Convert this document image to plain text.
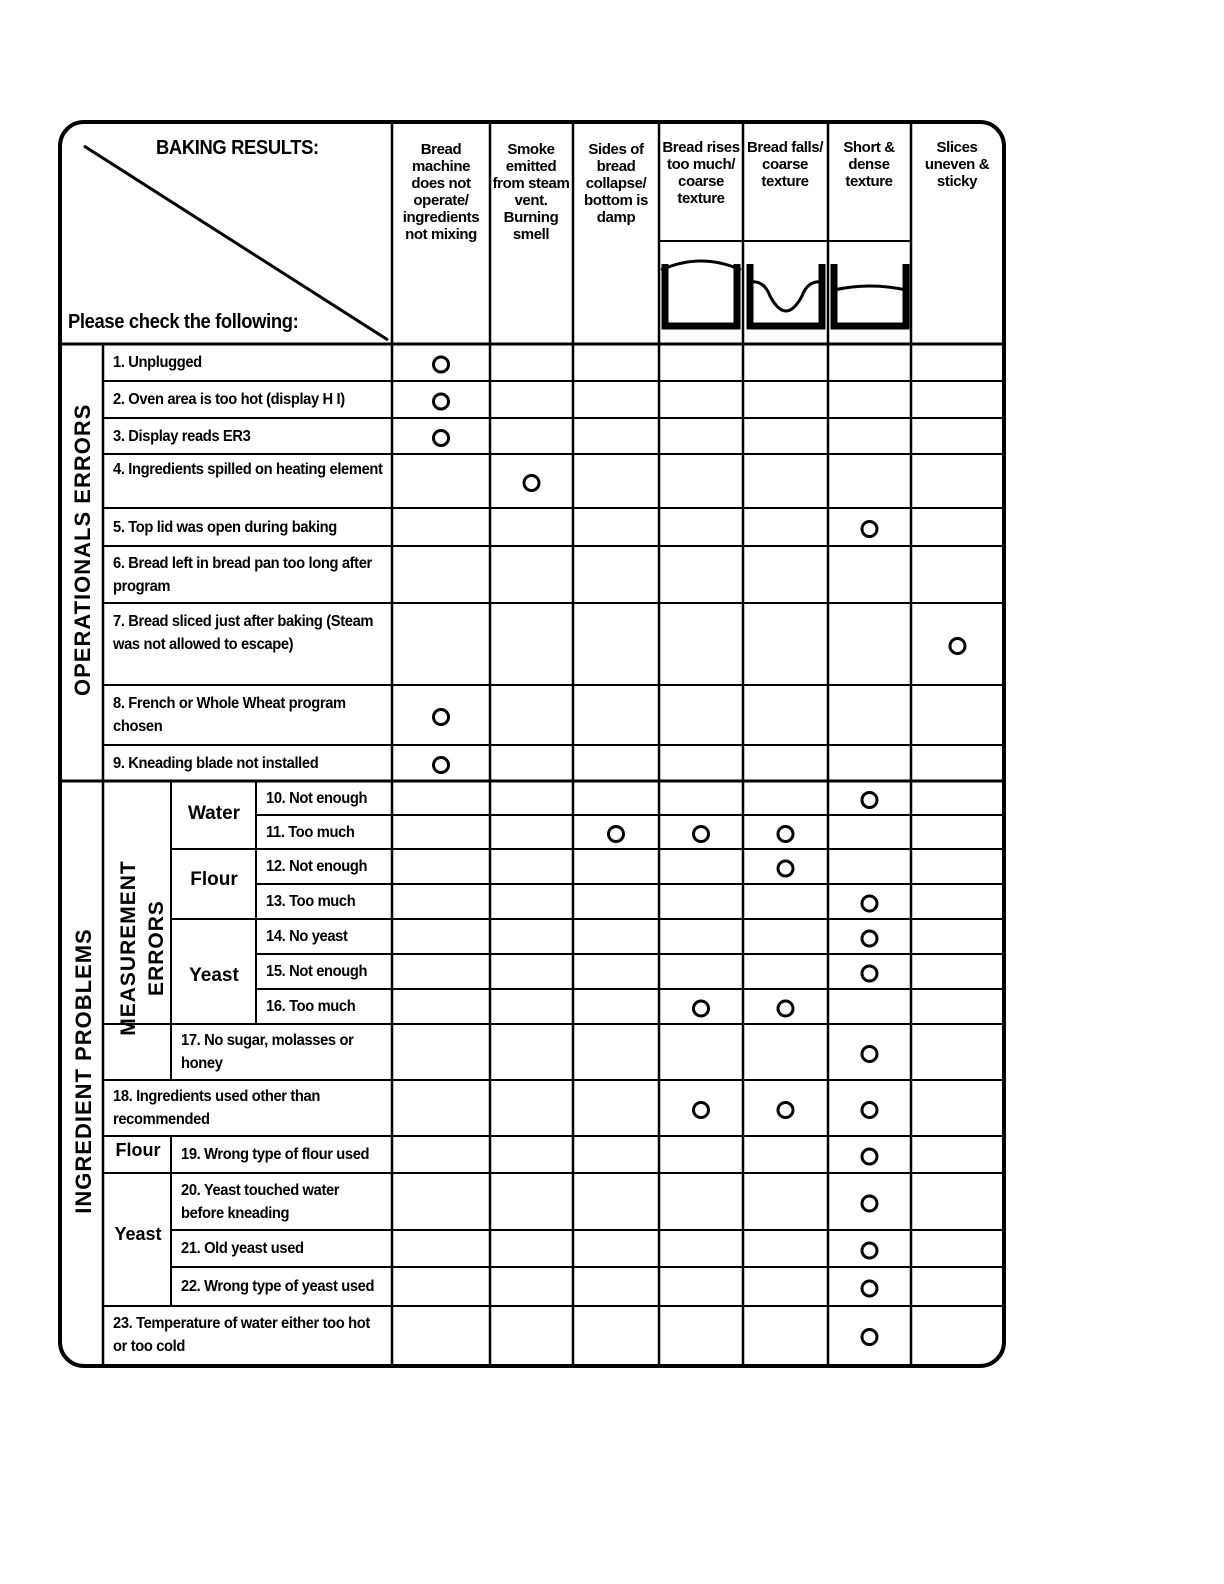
BAKING RESULTS:
Please check the following:
Bread machine does not operate/ ingredients not mixing
Smoke emitted from steam vent. Burning smell
Sides of bread collapse/ bottom is damp
Bread rises too much/ coarse texture
Bread falls/ coarse texture
Short & dense texture
Slices uneven & sticky
OPERATIONALS ERRORS
INGREDIENT PROBLEMS MEASUREMENT ERRORS
Water
Flour
Yeast
Flour
Yeast
1. Unplugged
2. Oven area is too hot (display H I)
3. Display reads ER3
4. Ingredients spilled on heating element
5. Top lid was open during baking
6. Bread left in bread pan too long after program
7. Bread sliced just after baking (Steam was not allowed to escape)
8. French or Whole Wheat program chosen
9. Kneading blade not installed
10. Not enough
11. Too much
12. Not enough
13. Too much
14. No yeast
15. Not enough
16. Too much
17. No sugar, molasses or honey
18. Ingredients used other than recommended
19. Wrong type of flour used
20. Yeast touched water before kneading
21. Old yeast used
22. Wrong type of yeast used
23. Temperature of water either too hot or too cold
